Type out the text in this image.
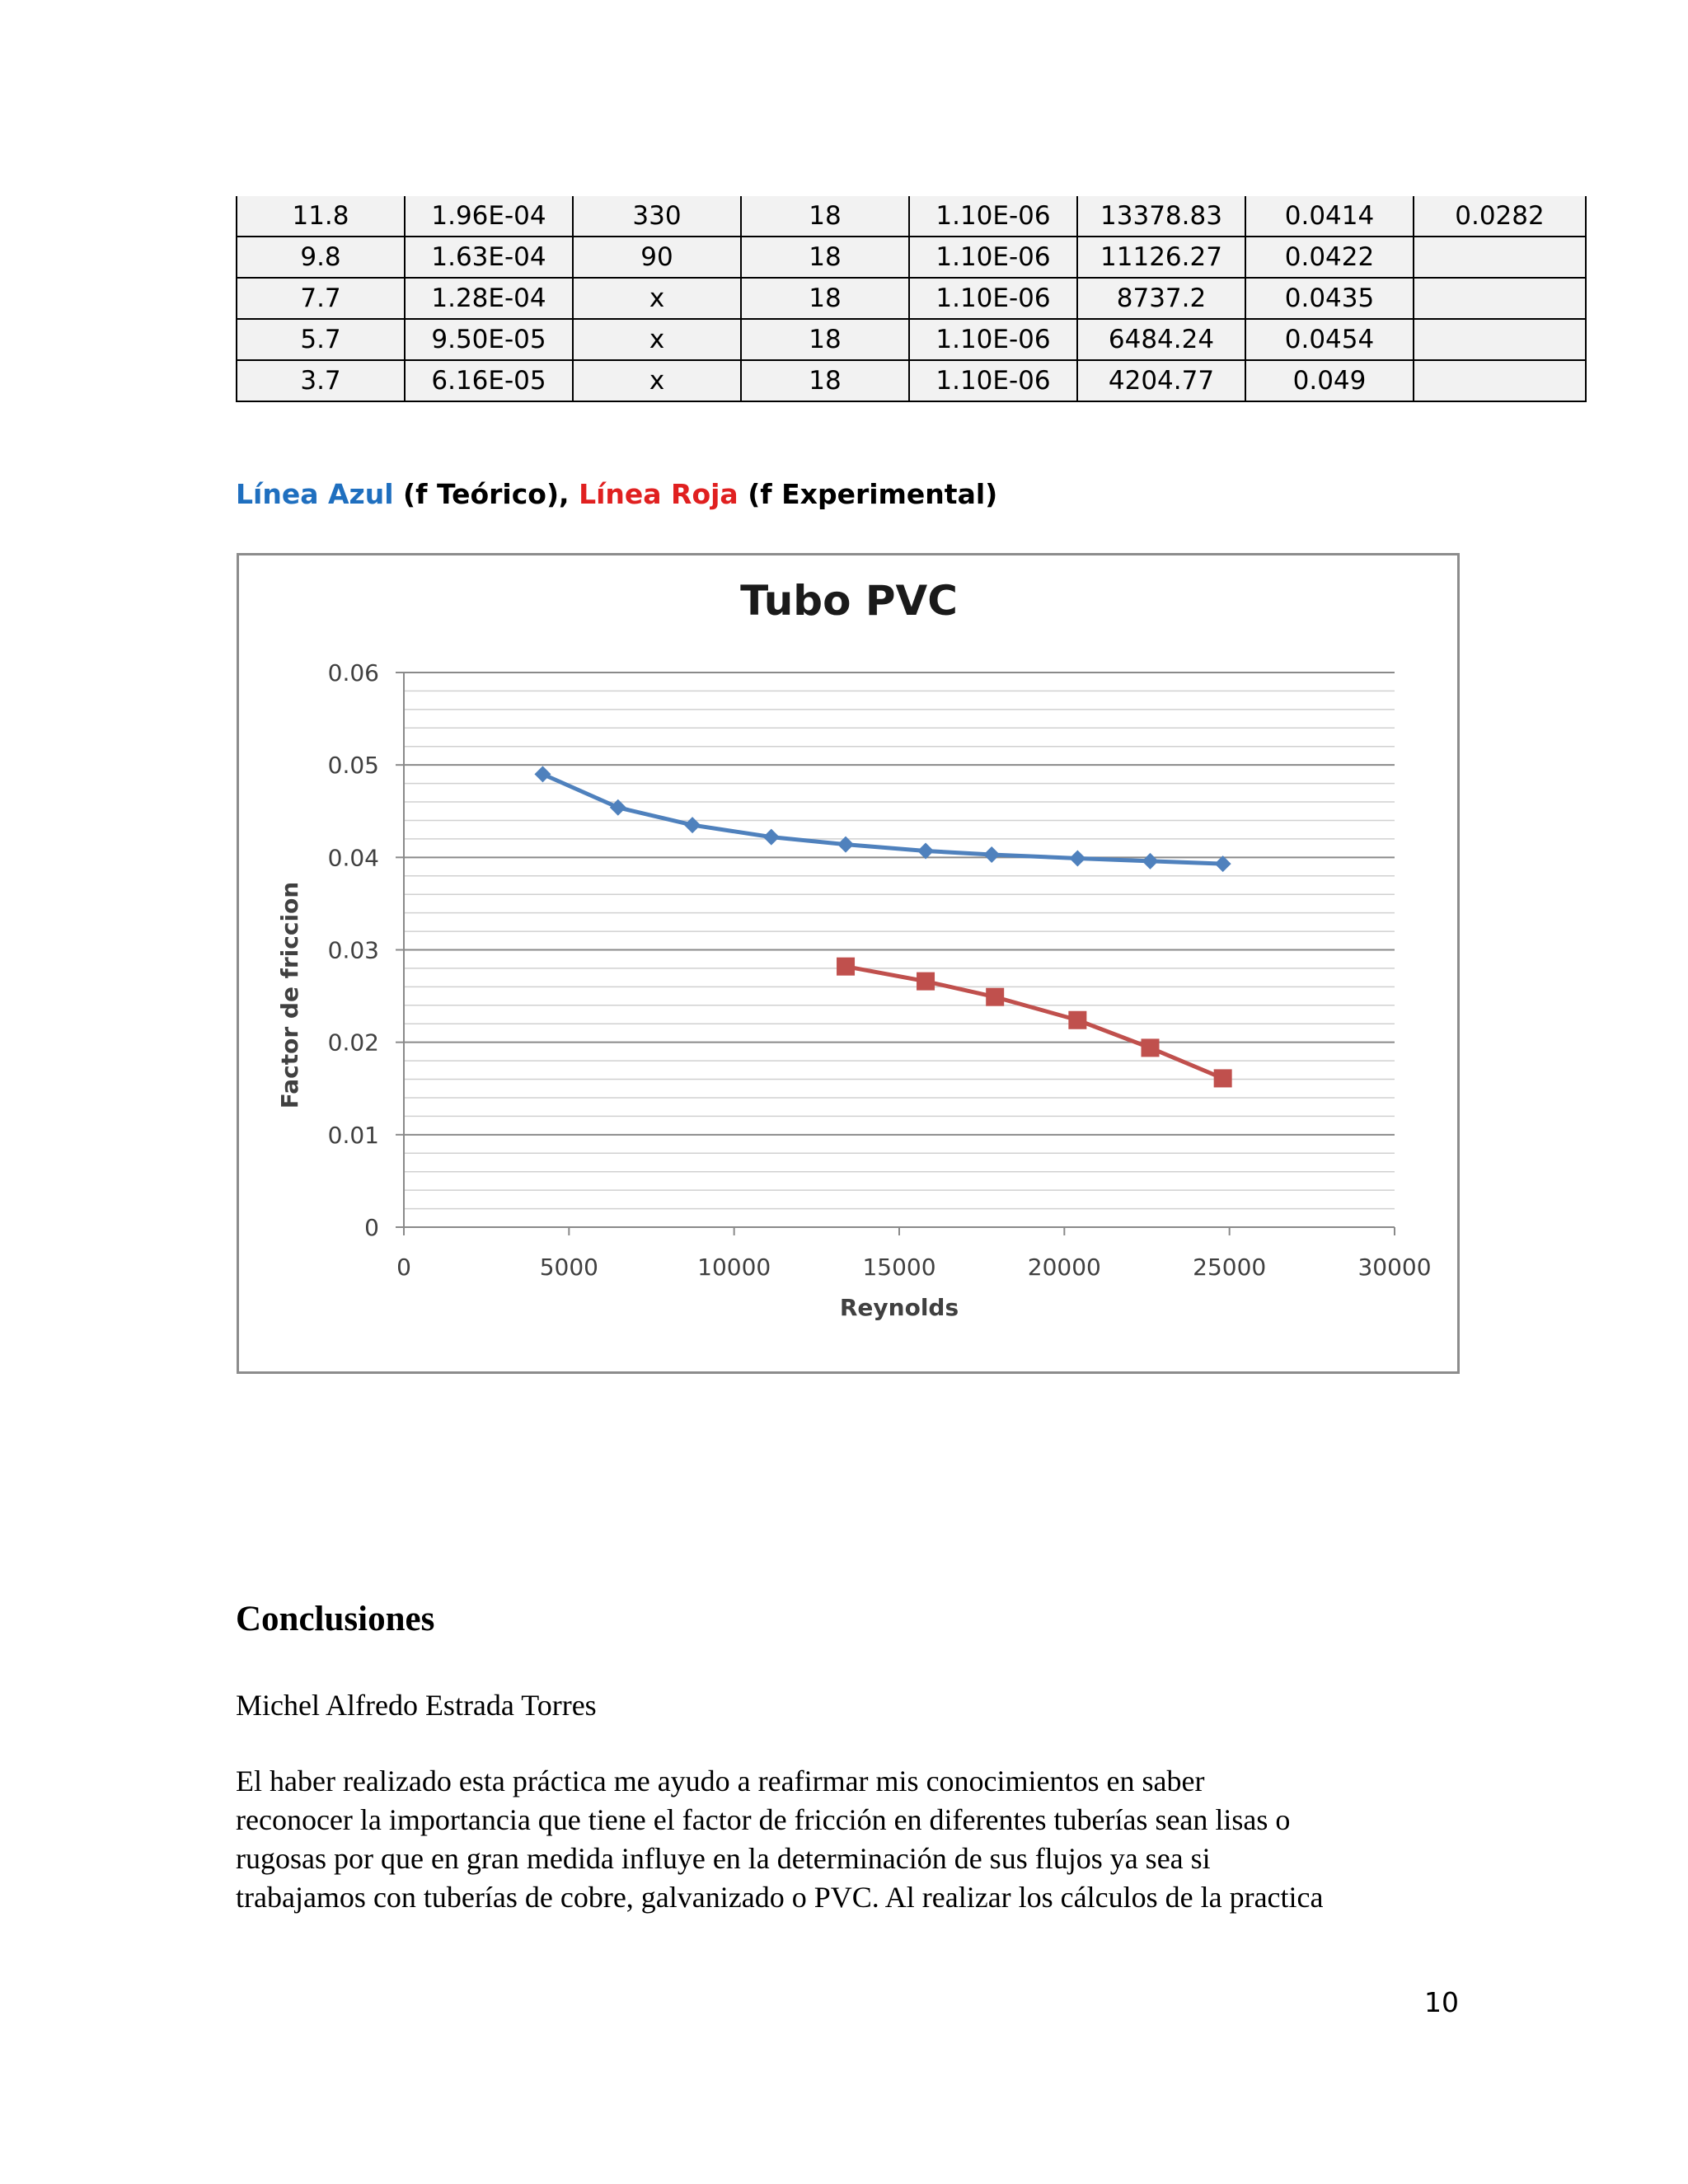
11.8	1.96E-04	330	18	1.10E-06	13378.83	0.0414	0.0282
9.8	1.63E-04	90	18	1.10E-06	11126.27	0.0422	
7.7	1.28E-04	x	18	1.10E-06	8737.2	0.0435	
5.7	9.50E-05	x	18	1.10E-06	6484.24	0.0454	
3.7	6.16E-05	x	18	1.10E-06	4204.77	0.049	
Línea Azul (f Teórico), Línea Roja (f Experimental)
0
0.01
0.02
0.03
0.04
0.05
0.06
0	5000	10000	15000	20000	25000	30000
Tubo PVC
Reynolds
Factor de friccion
Conclusiones
Michel Alfredo Estrada Torres
El haber realizado esta práctica me ayudo a reafirmar mis conocimientos en saber
reconocer la importancia que tiene el factor de fricción en diferentes tuberías sean lisas o
rugosas por que en gran medida influye en la determinación de sus flujos ya sea si
trabajamos con tuberías de cobre, galvanizado o PVC. Al realizar los cálculos de la practica
10
